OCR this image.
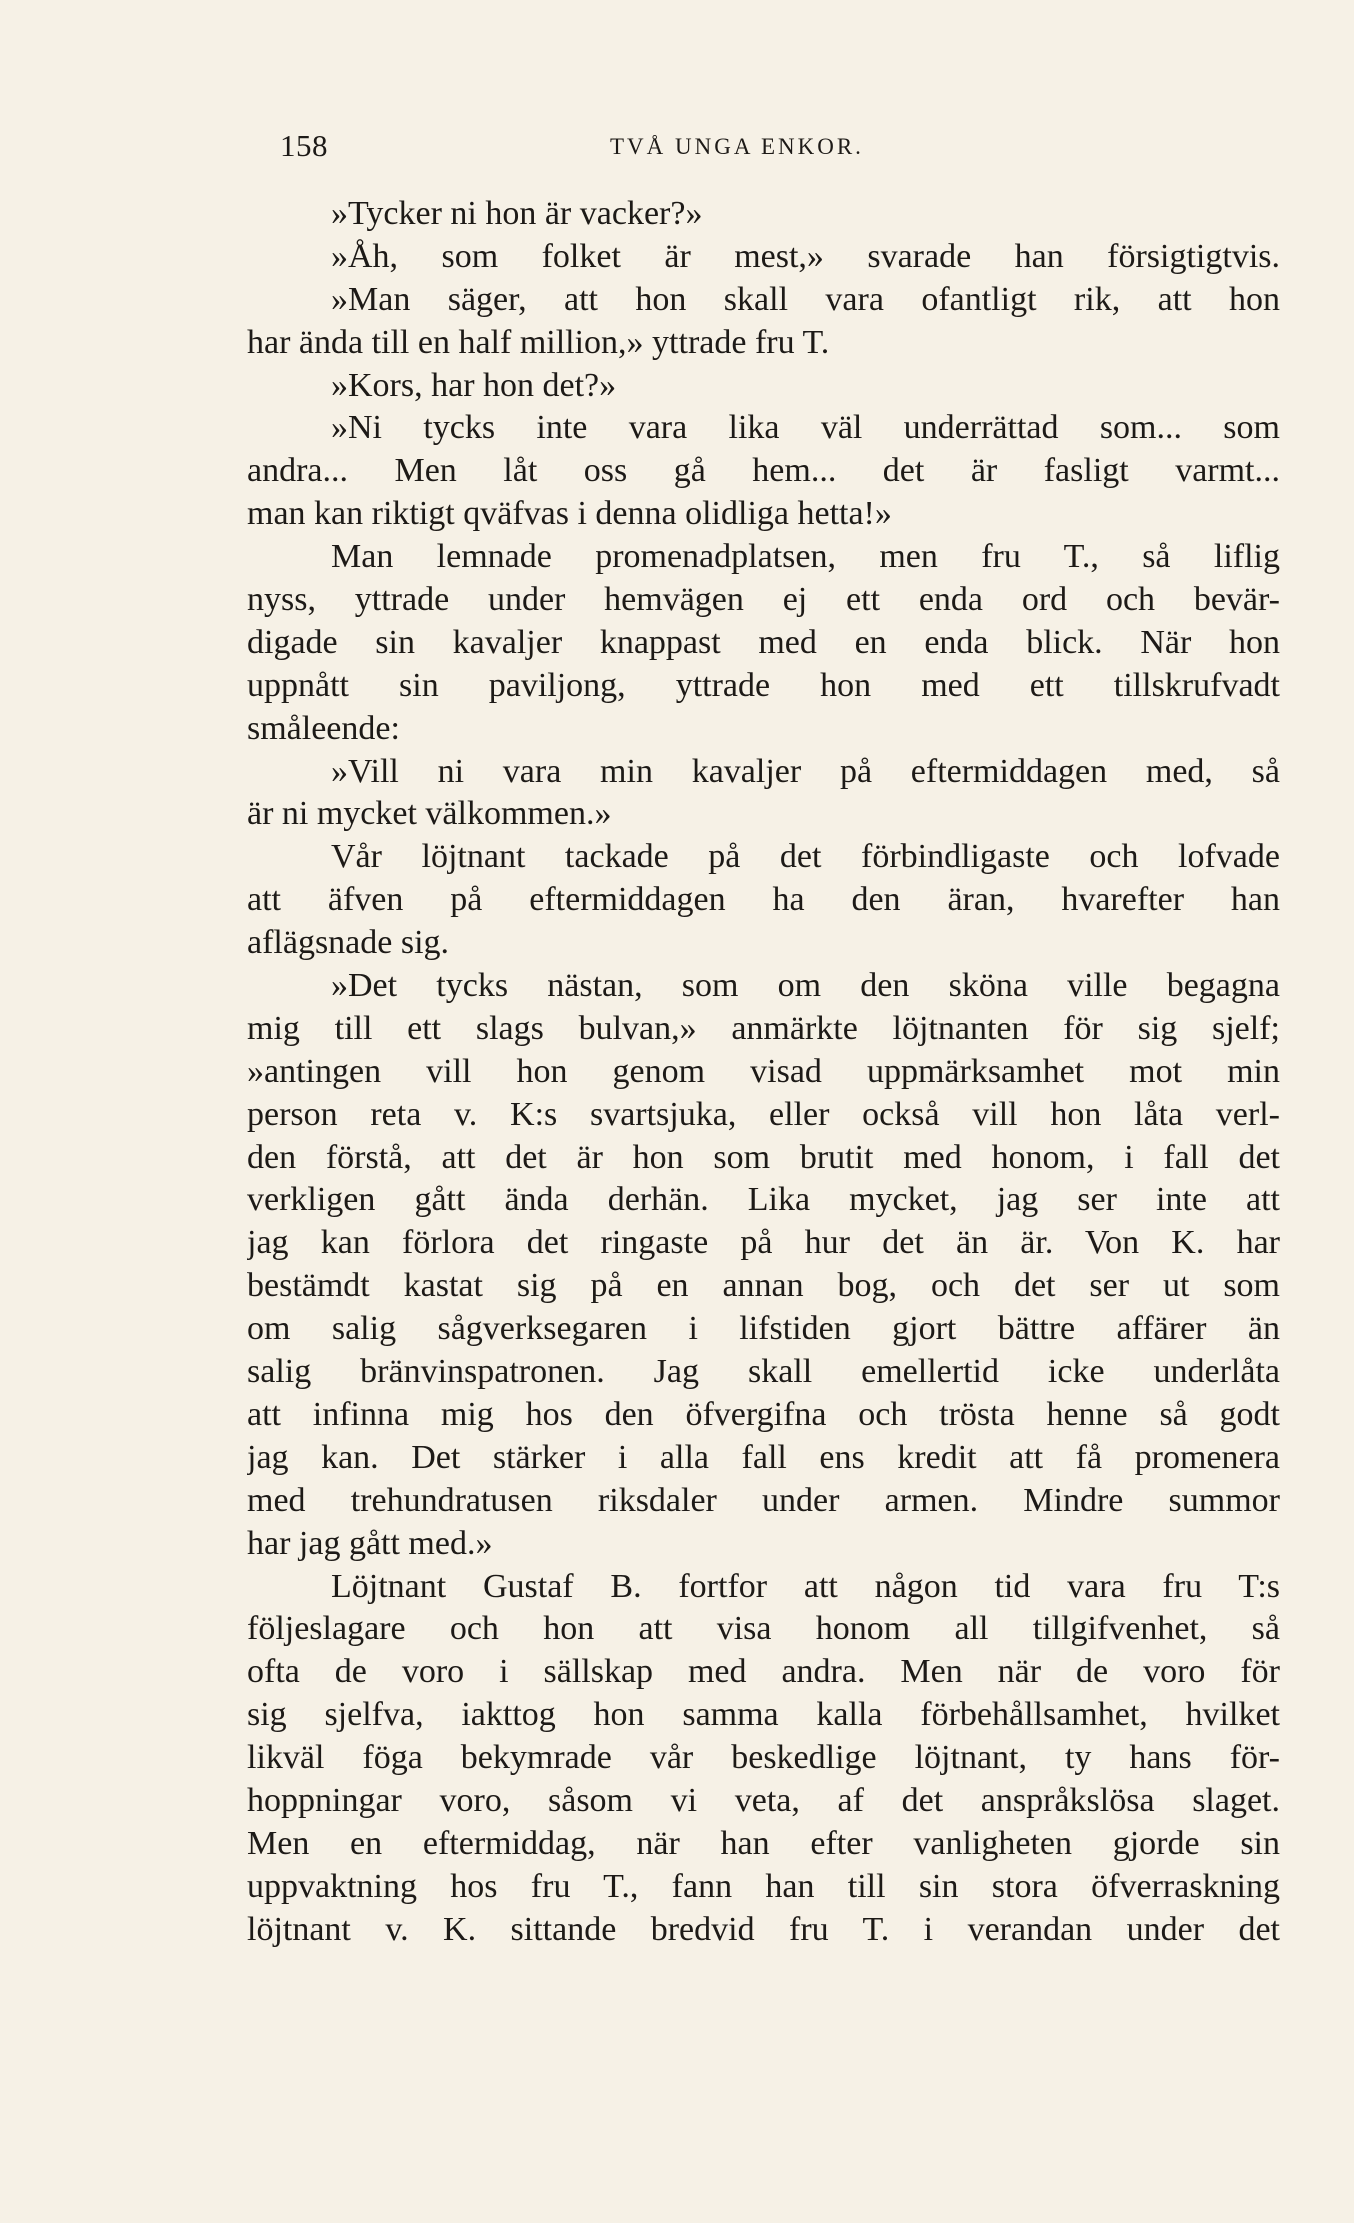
158	TVÅ UNGA ENKOR.
»Tycker ni hon är vacker?»
»Åh, som folket är mest,» svarade han försigtigtvis.
»Man säger, att hon skall vara ofantligt rik, att hon
har ända till en half million,» yttrade fru T.
»Kors, har hon det?»
»Ni tycks inte vara lika väl underrättad som... som
andra... Men låt oss gå hem... det är fasligt varmt...
man kan riktigt qväfvas i denna olidliga hetta!»
Man lemnade promenadplatsen, men fru T., så liflig
nyss, yttrade under hemvägen ej ett enda ord och bevär-
digade sin kavaljer knappast med en enda blick. När hon
uppnått sin paviljong, yttrade hon med ett tillskrufvadt
småleende:
»Vill ni vara min kavaljer på eftermiddagen med, så
är ni mycket välkommen.»
Vår löjtnant tackade på det förbindligaste och lofvade
att äfven på eftermiddagen ha den äran, hvarefter han
aflägsnade sig.
»Det tycks nästan, som om den sköna ville begagna
mig till ett slags bulvan,» anmärkte löjtnanten för sig sjelf;
»antingen vill hon genom visad uppmärksamhet mot min
person reta v. K:s svartsjuka, eller också vill hon låta verl-
den förstå, att det är hon som brutit med honom, i fall det
verkligen gått ända derhän. Lika mycket, jag ser inte att
jag kan förlora det ringaste på hur det än är. Von K. har
bestämdt kastat sig på en annan bog, och det ser ut som
om salig sågverksegaren i lifstiden gjort bättre affärer än
salig bränvinspatronen. Jag skall emellertid icke underlåta
att infinna mig hos den öfvergifna och trösta henne så godt
jag kan. Det stärker i alla fall ens kredit att få promenera
med trehundratusen riksdaler under armen. Mindre summor
har jag gått med.»
Löjtnant Gustaf B. fortfor att någon tid vara fru T:s
följeslagare och hon att visa honom all tillgifvenhet, så
ofta de voro i sällskap med andra. Men när de voro för
sig sjelfva, iakttog hon samma kalla förbehållsamhet, hvilket
likväl föga bekymrade vår beskedlige löjtnant, ty hans för-
hoppningar voro, såsom vi veta, af det anspråkslösa slaget.
Men en eftermiddag, när han efter vanligheten gjorde sin
uppvaktning hos fru T., fann han till sin stora öfverraskning
löjtnant v. K. sittande bredvid fru T. i verandan under det
